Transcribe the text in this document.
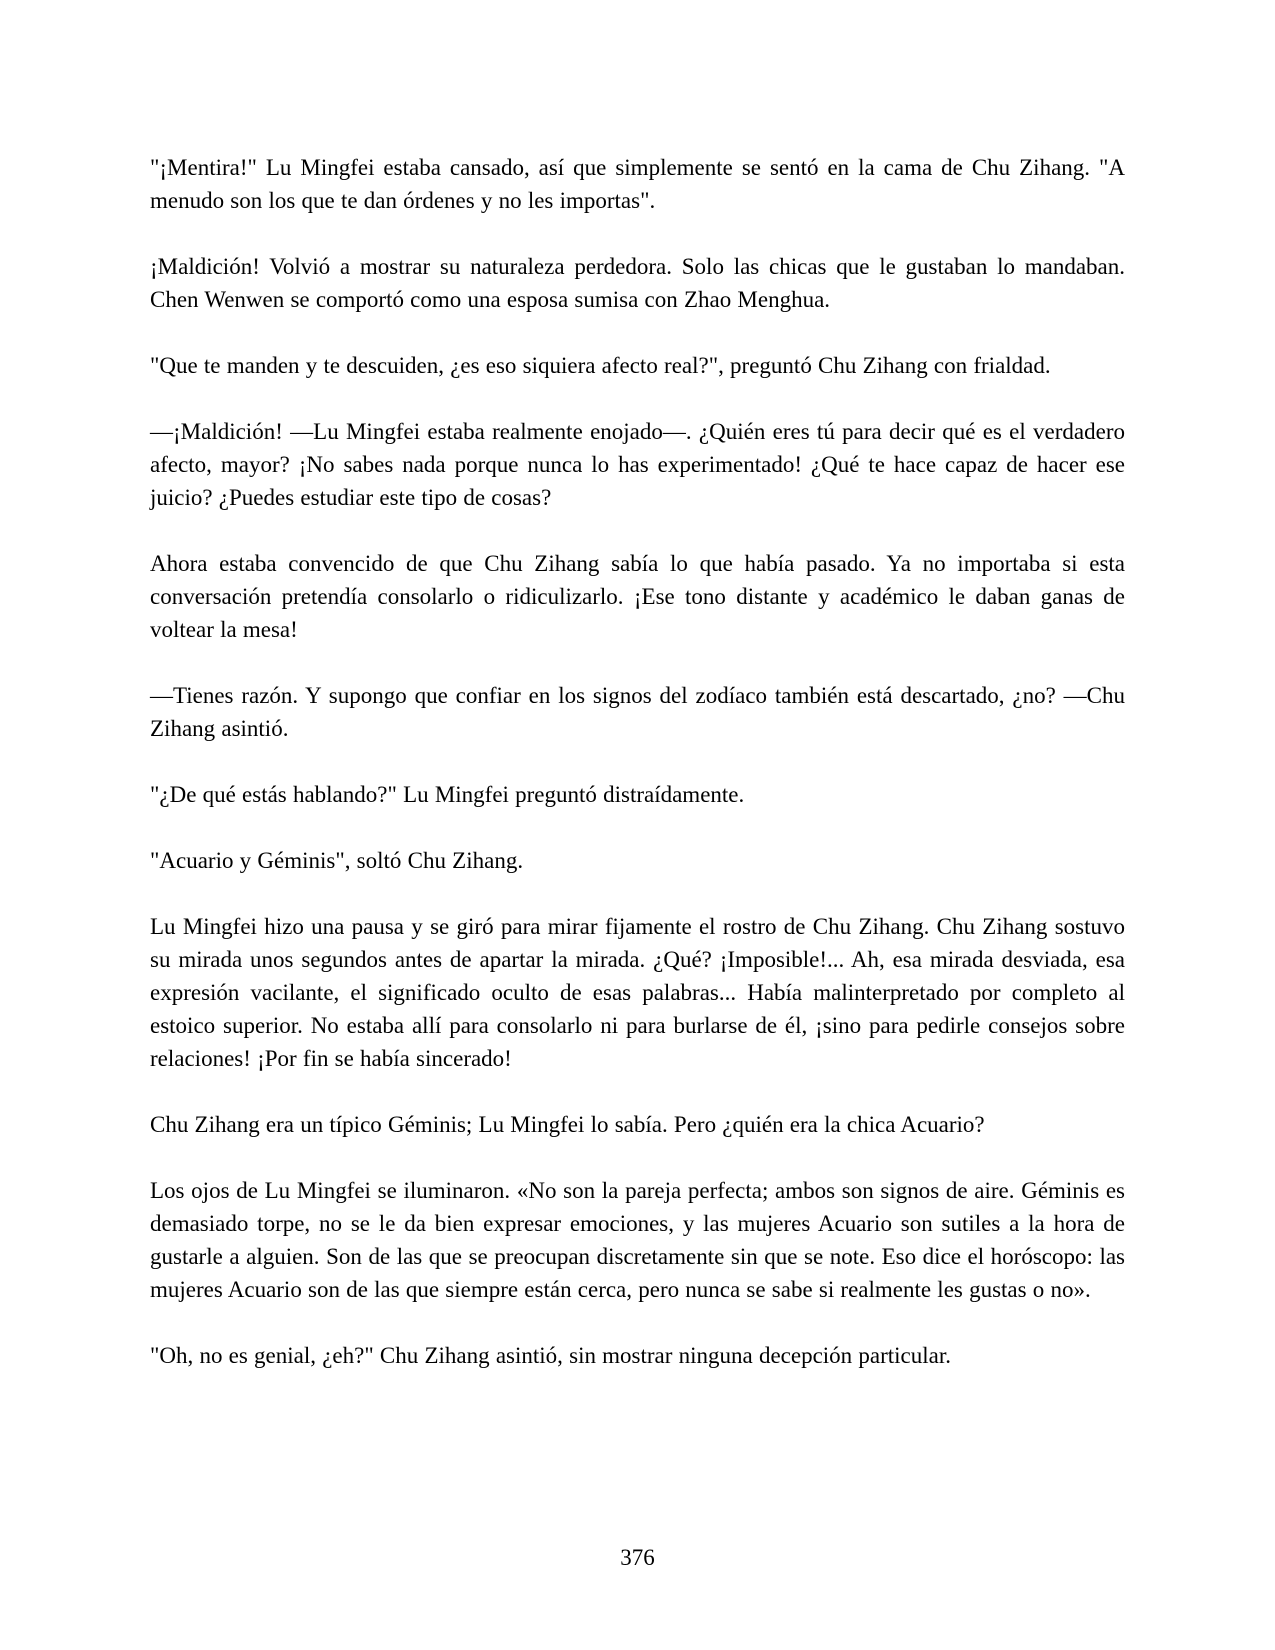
"¡Mentira!" Lu Mingfei estaba cansado, así que simplemente se sentó en la cama de Chu Zihang. "A menudo son los que te dan órdenes y no les importas".

¡Maldición! Volvió a mostrar su naturaleza perdedora. Solo las chicas que le gustaban lo mandaban. Chen Wenwen se comportó como una esposa sumisa con Zhao Menghua.

"Que te manden y te descuiden, ¿es eso siquiera afecto real?", preguntó Chu Zihang con frialdad.

—¡Maldición! —Lu Mingfei estaba realmente enojado—. ¿Quién eres tú para decir qué es el verdadero afecto, mayor? ¡No sabes nada porque nunca lo has experimentado! ¿Qué te hace capaz de hacer ese juicio? ¿Puedes estudiar este tipo de cosas?

Ahora estaba convencido de que Chu Zihang sabía lo que había pasado. Ya no importaba si esta conversación pretendía consolarlo o ridiculizarlo. ¡Ese tono distante y académico le daban ganas de voltear la mesa!

—Tienes razón. Y supongo que confiar en los signos del zodíaco también está descartado, ¿no? —Chu Zihang asintió.

"¿De qué estás hablando?" Lu Mingfei preguntó distraídamente.

"Acuario y Géminis", soltó Chu Zihang.

Lu Mingfei hizo una pausa y se giró para mirar fijamente el rostro de Chu Zihang. Chu Zihang sostuvo su mirada unos segundos antes de apartar la mirada. ¿Qué? ¡Imposible!... Ah, esa mirada desviada, esa expresión vacilante, el significado oculto de esas palabras... Había malinterpretado por completo al estoico superior. No estaba allí para consolarlo ni para burlarse de él, ¡sino para pedirle consejos sobre relaciones! ¡Por fin se había sincerado!

Chu Zihang era un típico Géminis; Lu Mingfei lo sabía. Pero ¿quién era la chica Acuario?

Los ojos de Lu Mingfei se iluminaron. «No son la pareja perfecta; ambos son signos de aire. Géminis es demasiado torpe, no se le da bien expresar emociones, y las mujeres Acuario son sutiles a la hora de gustarle a alguien. Son de las que se preocupan discretamente sin que se note. Eso dice el horóscopo: las mujeres Acuario son de las que siempre están cerca, pero nunca se sabe si realmente les gustas o no».

"Oh, no es genial, ¿eh?" Chu Zihang asintió, sin mostrar ninguna decepción particular.

376
